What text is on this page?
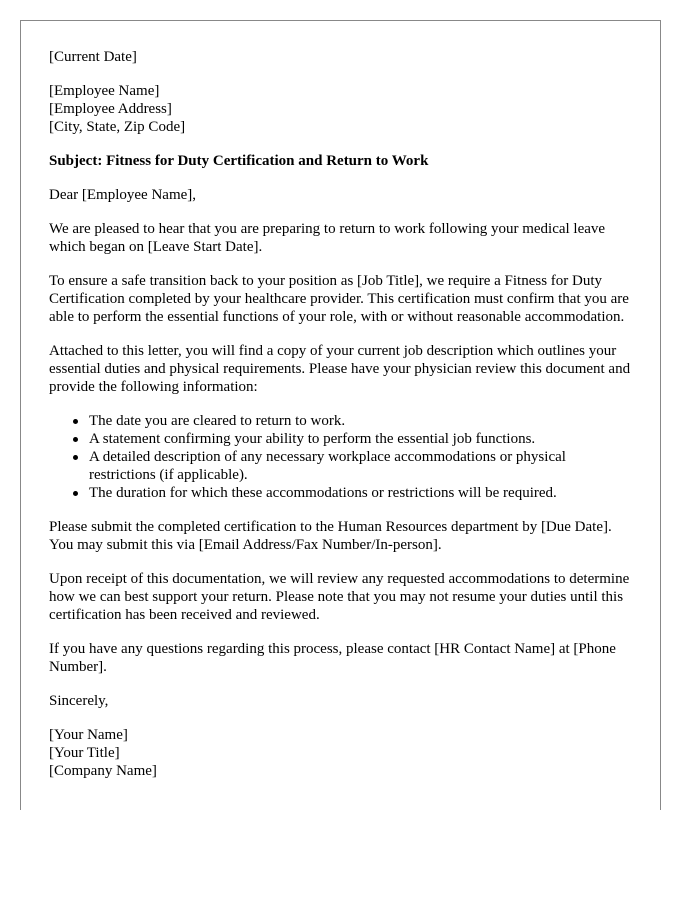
[Current Date]

[Employee Name]

[Employee Address]

[City, State, Zip Code]

Subject: Fitness for Duty Certification and Return to Work

Dear [Employee Name],

We are pleased to hear that you are preparing to return to work following your medical leave which began on [Leave Start Date].

To ensure a safe transition back to your position as [Job Title], we require a Fitness for Duty Certification completed by your healthcare provider. This certification must confirm that you are able to perform the essential functions of your role, with or without reasonable accommodation.

Attached to this letter, you will find a copy of your current job description which outlines your essential duties and physical requirements. Please have your physician review this document and provide the following information:

The date you are cleared to return to work.
A statement confirming your ability to perform the essential job functions.
A detailed description of any necessary workplace accommodations or physical restrictions (if applicable).
The duration for which these accommodations or restrictions will be required.

Please submit the completed certification to the Human Resources department by [Due Date]. You may submit this via [Email Address/Fax Number/In-person].

Upon receipt of this documentation, we will review any requested accommodations to determine how we can best support your return. Please note that you may not resume your duties until this certification has been received and reviewed.

If you have any questions regarding this process, please contact [HR Contact Name] at [Phone Number].

Sincerely,

[Your Name]

[Your Title]

[Company Name]
